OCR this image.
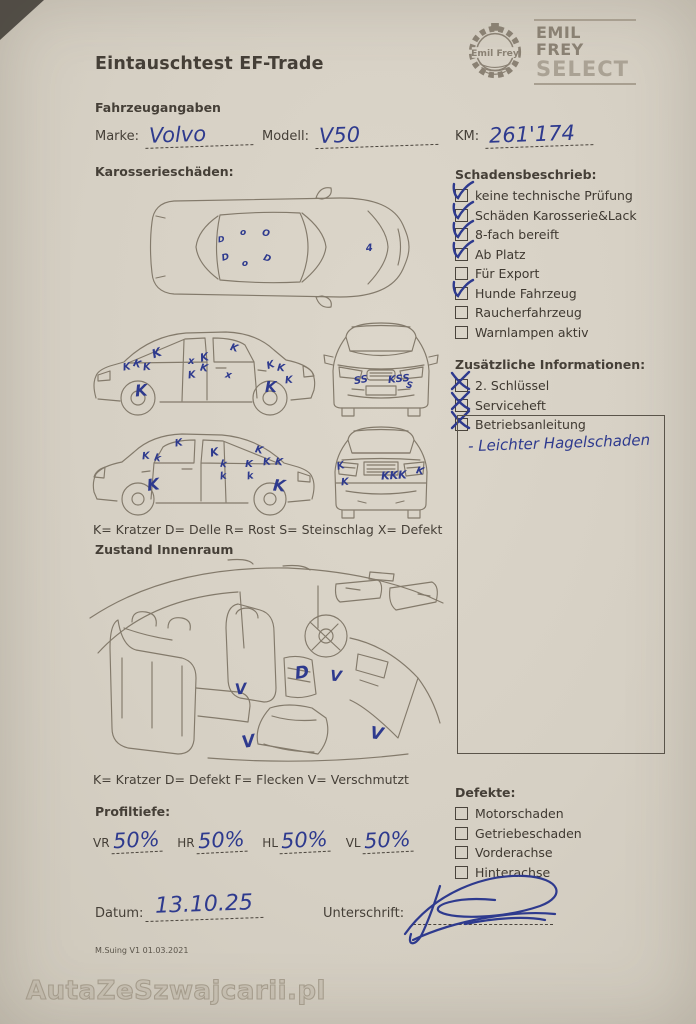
Emil Frey
EMIL FREY
SELECT
Eintauschtest EF-Trade
Fahrzeugangaben
Marke: Volvo	Modell: V50	KM: 261'174
Karosserieschäden:
D
o O
D
o D
4
K
K K K
K
x
K
K	x
K
K K
K
K	K	SS KSS
S
K
K k	K
k
k
K
K K
K
k
K	K
K
K	KKK K
K= Kratzer D= Delle R= Rost S= Steinschlag X= Defekt
Zustand Innenraum
V
D V
V	V
K= Kratzer D= Defekt F= Flecken V= Verschmutzt
Profiltiefe:
VR 50% HR 50% HL 50% VL 50%
Schadensbeschrieb:
keine technische Prüfung
Schäden Karosserie&Lack
8-fach bereift
Ab Platz
Für Export
Hunde Fahrzeug
Raucherfahrzeug
Warnlampen aktiv
Zusätzliche Informationen:
2. Schlüssel
Serviceheft
Betriebsanleitung
- Leichter Hagelschaden
Defekte:
Motorschaden
Getriebeschaden
Vorderachse
Hinterachse
Datum: 13.10.25	Unterschrift:
M.Suing V1 01.03.2021
AutaZeSzwajcarii.pl
